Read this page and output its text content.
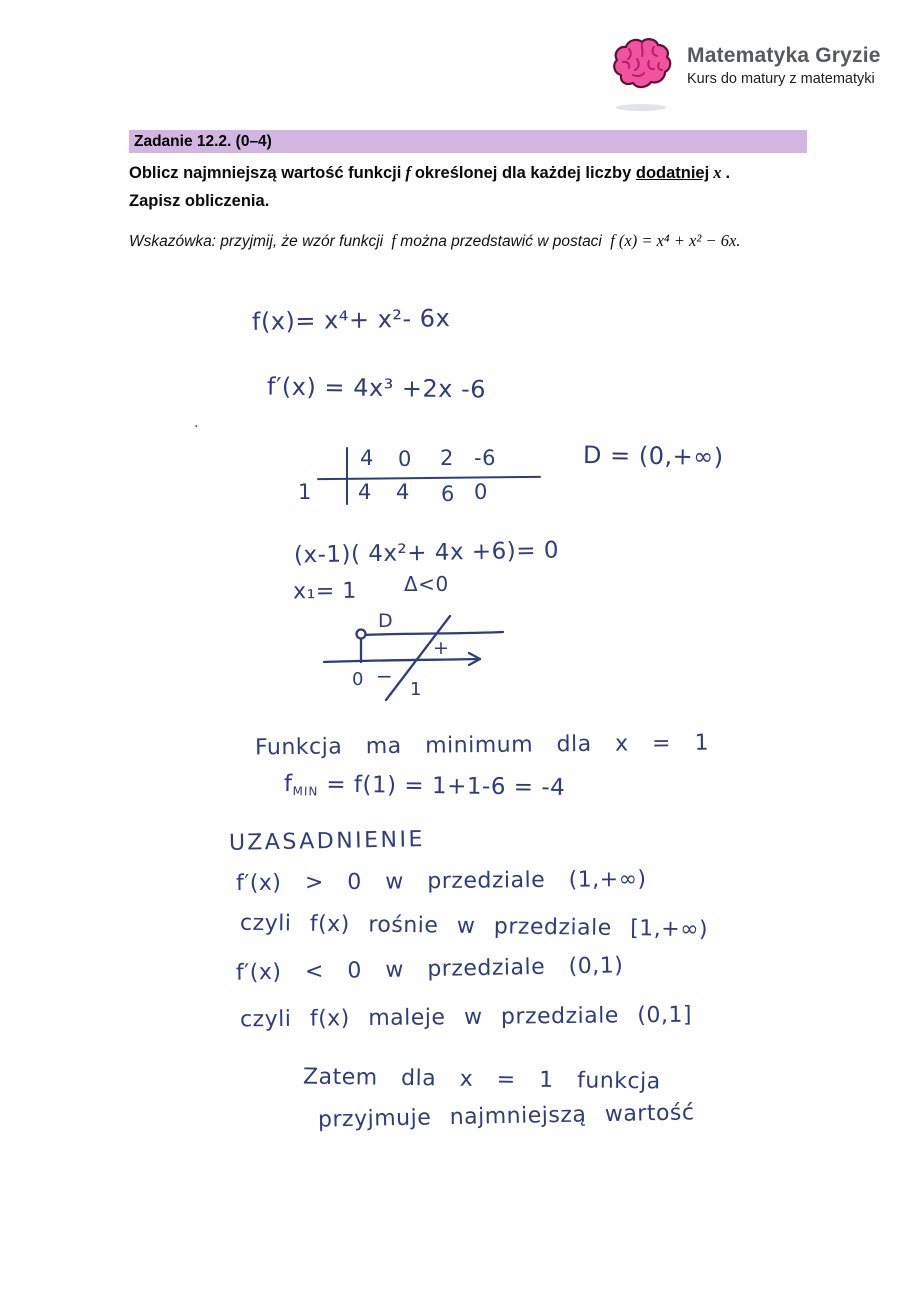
Matematyka Gryzie
Kurs do matury z matematyki
Zadanie 12.2. (0–4)
Oblicz najmniejszą wartość funkcji f określonej dla każdej liczby dodatniej x .
Zapisz obliczenia.
Wskazówka: przyjmij, że wzór funkcji f można przedstawić w postaci f (x) = x⁴ + x² − 6x.
.
f(x)= x⁴+ x²- 6x
f′(x) = 4x³ +2x -6
4 0 2 -6
1 4 4 6 0
D = (0,+∞)
(x-1)( 4x²+ 4x +6)= 0
x₁= 1 Δ<0
D
+
0 −
1
Funkcja ma minimum dla x = 1
$f_{MIN} = f(1) = 1+1-6 = -4$
UZASADNIENIE
f′(x) > 0 w przedziale (1,+∞)
czyli f(x) rośnie w przedziale [1,+∞)
f′(x) < 0 w przedziale (0,1)
czyli f(x) maleje w przedziale (0,1]
Zatem dla x = 1 funkcja
przyjmuje najmniejszą wartość
